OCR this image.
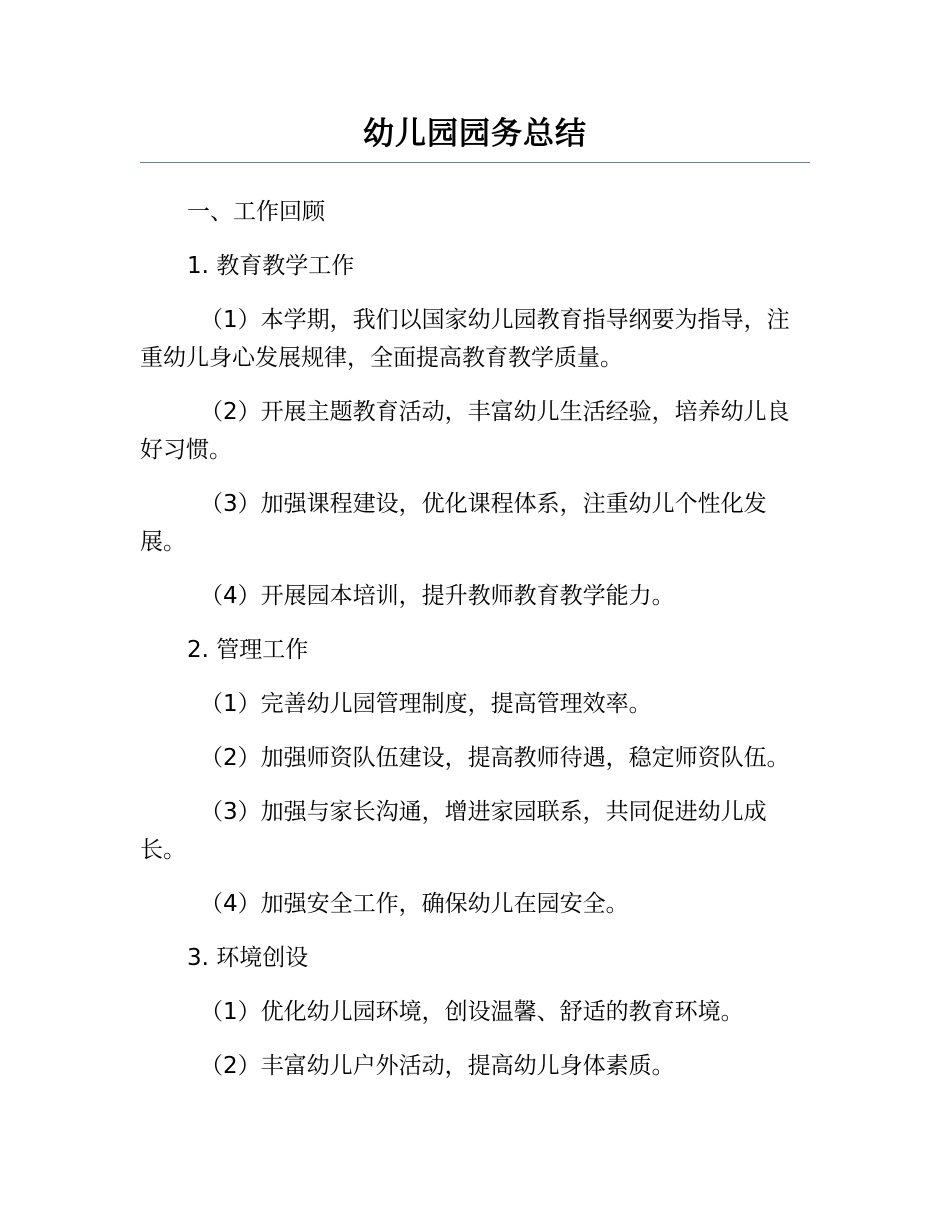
幼儿园园务总结

一、工作回顾

1. 教育教学工作

（1）本学期，我们以国家幼儿园教育指导纲要为指导，注重幼儿身心发展规律，全面提高教育教学质量。

（2）开展主题教育活动，丰富幼儿生活经验，培养幼儿良好习惯。

（3）加强课程建设，优化课程体系，注重幼儿个性化发展。

（4）开展园本培训，提升教师教育教学能力。

2. 管理工作

（1）完善幼儿园管理制度，提高管理效率。

（2）加强师资队伍建设，提高教师待遇，稳定师资队伍。

（3）加强与家长沟通，增进家园联系，共同促进幼儿成长。

（4）加强安全工作，确保幼儿在园安全。

3. 环境创设

（1）优化幼儿园环境，创设温馨、舒适的教育环境。

（2）丰富幼儿户外活动，提高幼儿身体素质。
